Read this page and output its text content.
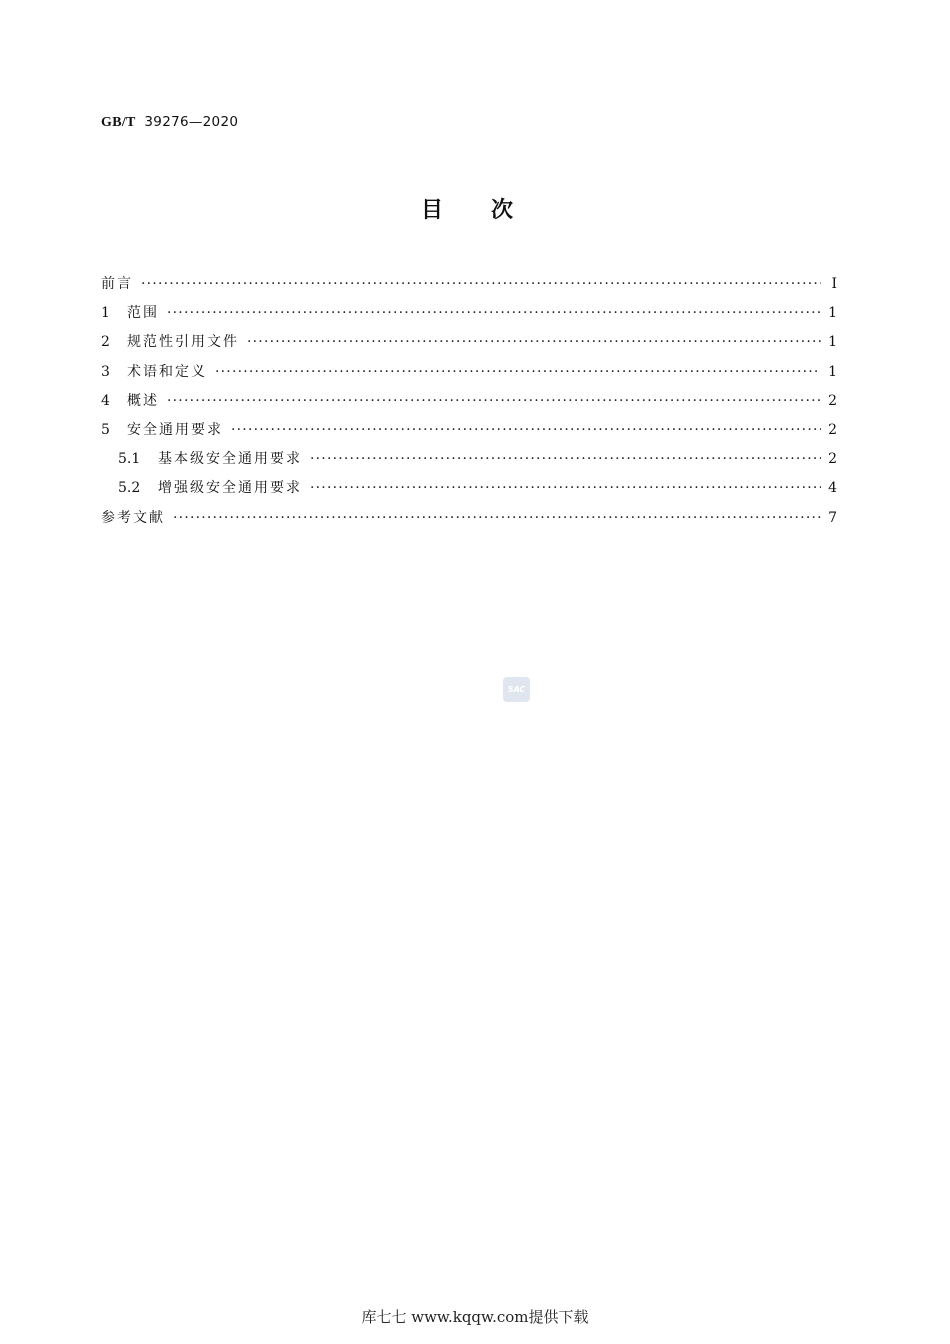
GB/T 39276—2020
目次
前言 ·····	Ⅰ
1	范围 ·····	1
2	规范性引用文件 ·····	1
3	术语和定义 ·····	1
4	概述 ·····	2
5	安全通用要求 ·····	2
5.1	基本级安全通用要求 ·····	2
5.2	增强级安全通用要求 ·····	4
参考文献 ·····	7
SAC
库七七 www.kqqw.com提供下载
